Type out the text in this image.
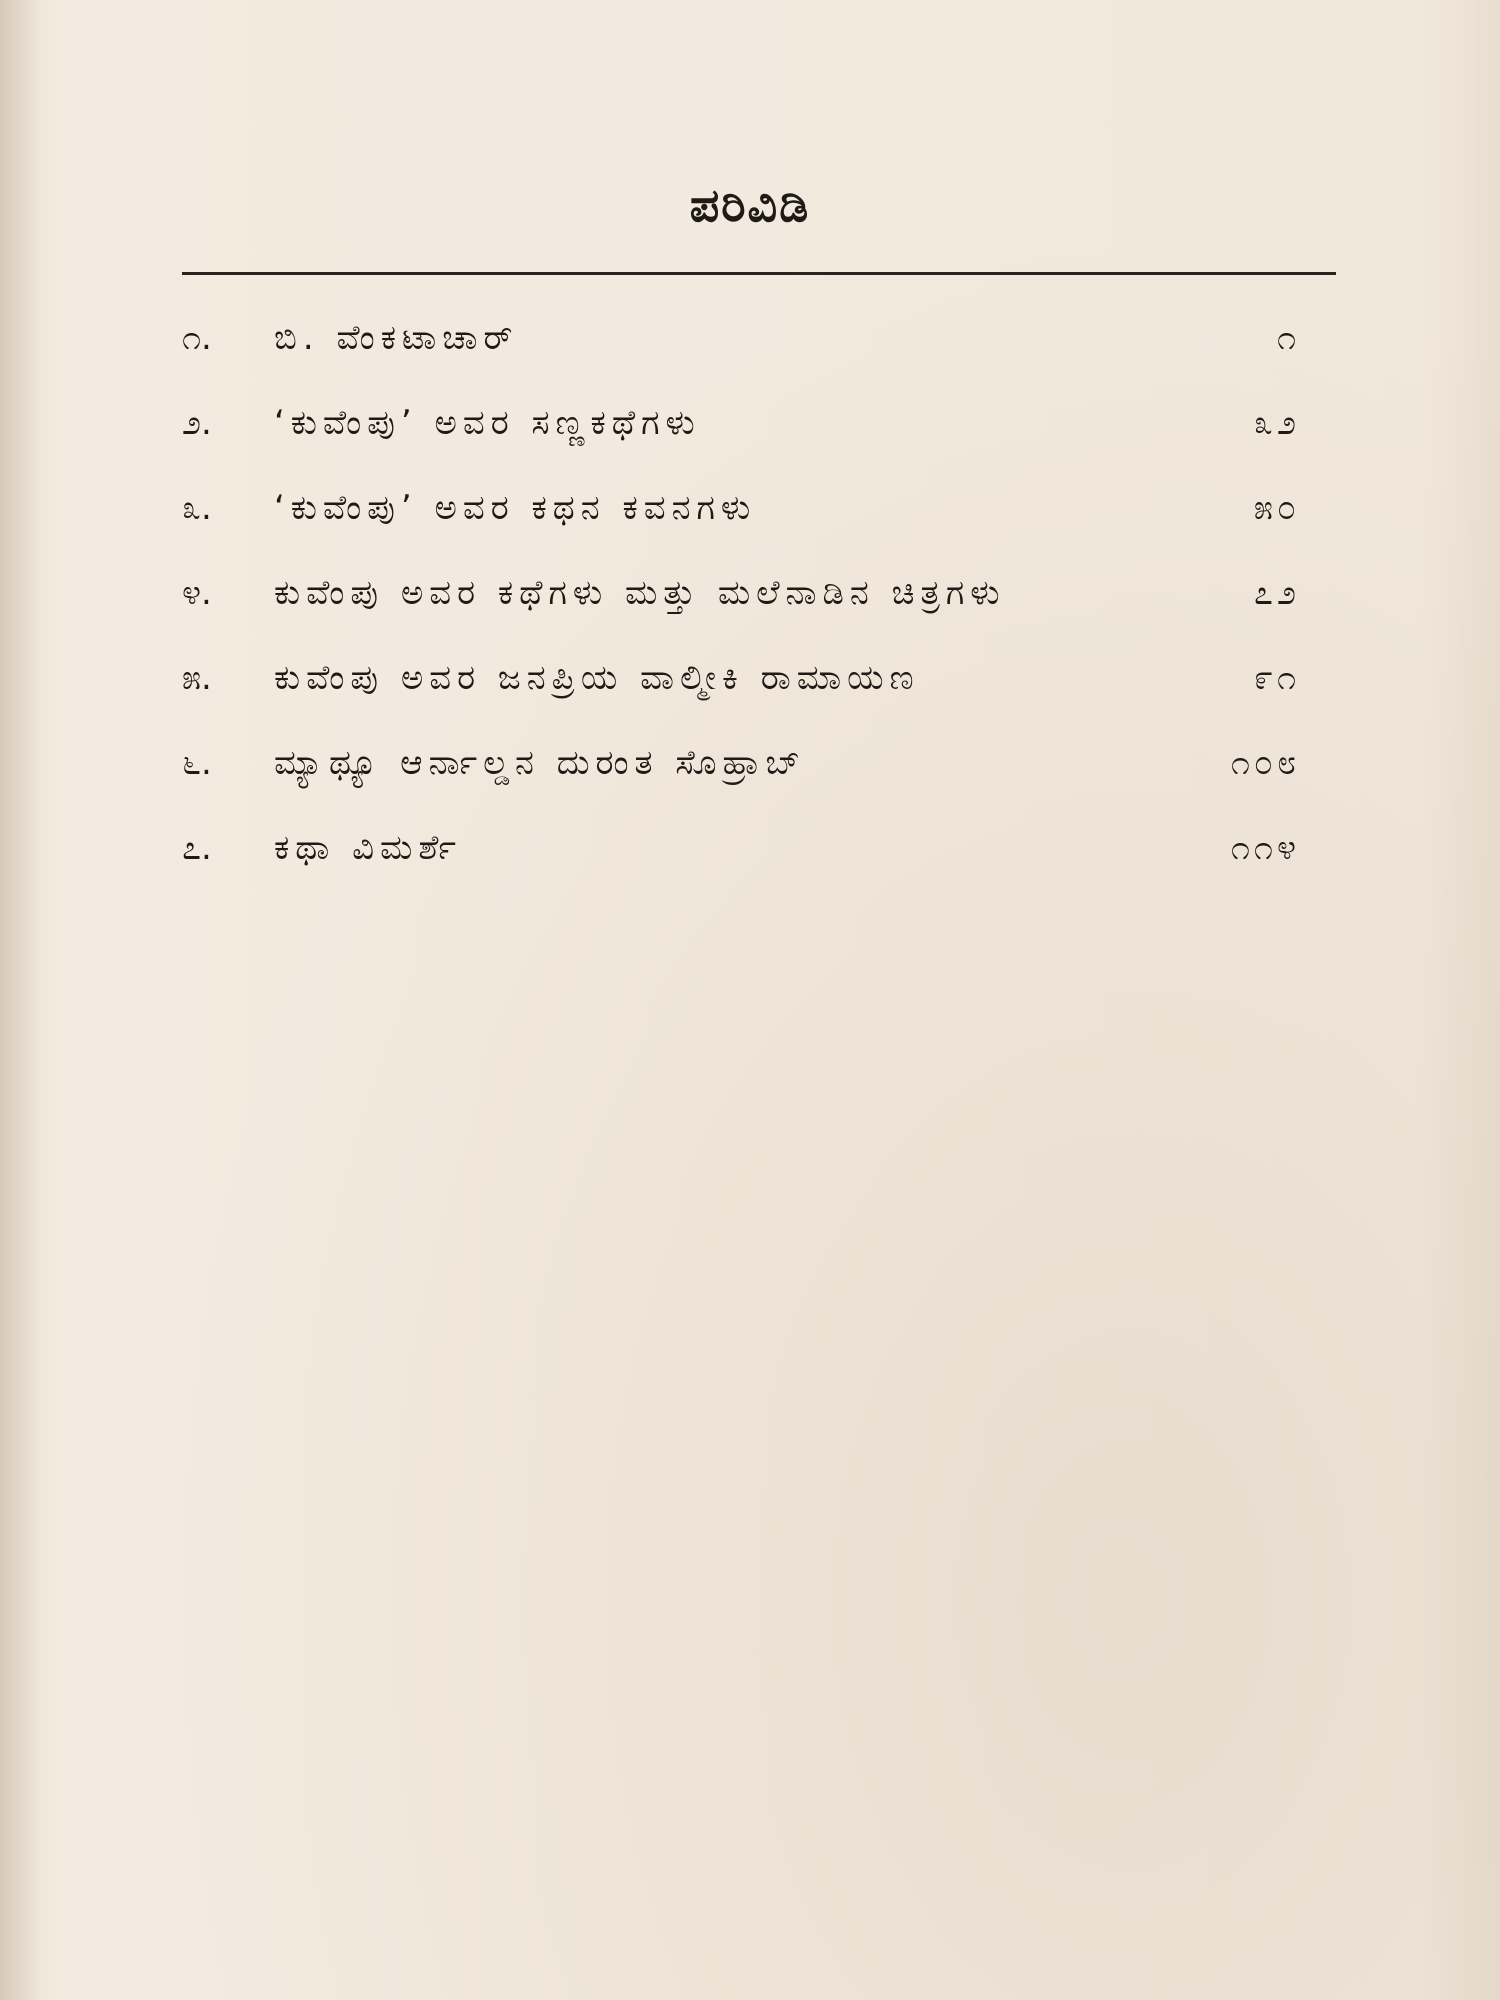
ಪರಿವಿಡಿ
೧.	ಬಿ. ವೆಂಕಟಾಚಾರ್	೧
೨.	‘ಕುವೆಂಪು’ ಅವರ ಸಣ್ಣಕಥೆಗಳು	೩೨
೩.	‘ಕುವೆಂಪು’ ಅವರ ಕಥನ ಕವನಗಳು	೫೦
೪.	ಕುವೆಂಪು ಅವರ ಕಥೆಗಳು ಮತ್ತು ಮಲೆನಾಡಿನ ಚಿತ್ರಗಳು	೭೨
೫.	ಕುವೆಂಪು ಅವರ ಜನಪ್ರಿಯ ವಾಲ್ಮೀಕಿ ರಾಮಾಯಣ	೯೧
೬.	ಮ್ಯಾಥ್ಯೂ ಆರ್ನಾಲ್ಡನ ದುರಂತ ಸೊಹ್ರಾಬ್	೧೦೮
೭.	ಕಥಾ ವಿಮರ್ಶೆ	೧೧೪
